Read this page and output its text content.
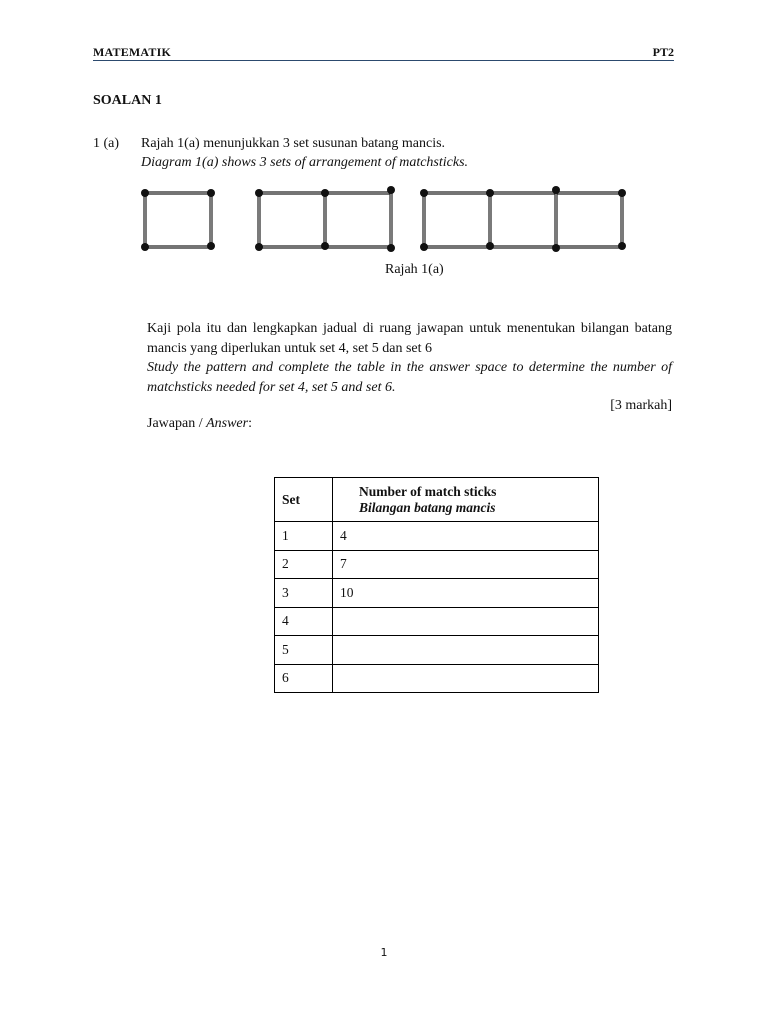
MATEMATIK	PT2
SOALAN 1
1 (a) Rajah 1(a) menunjukkan 3 set susunan batang mancis.
Diagram 1(a) shows 3 sets of arrangement of matchsticks.
Rajah 1(a)

Kaji pola itu dan lengkapkan jadual di ruang jawapan untuk menentukan bilangan batang mancis yang diperlukan untuk set 4, set 5 dan set 6

Study the pattern and complete the table in the answer space to determine the number of matchsticks needed for set 4, set 5 and set 6.

[3 markah]
Jawapan / Answer:
Set	Number of match sticks
Bilangan batang mancis

1	4
2	7
3	10
4	
5	
6	
1
